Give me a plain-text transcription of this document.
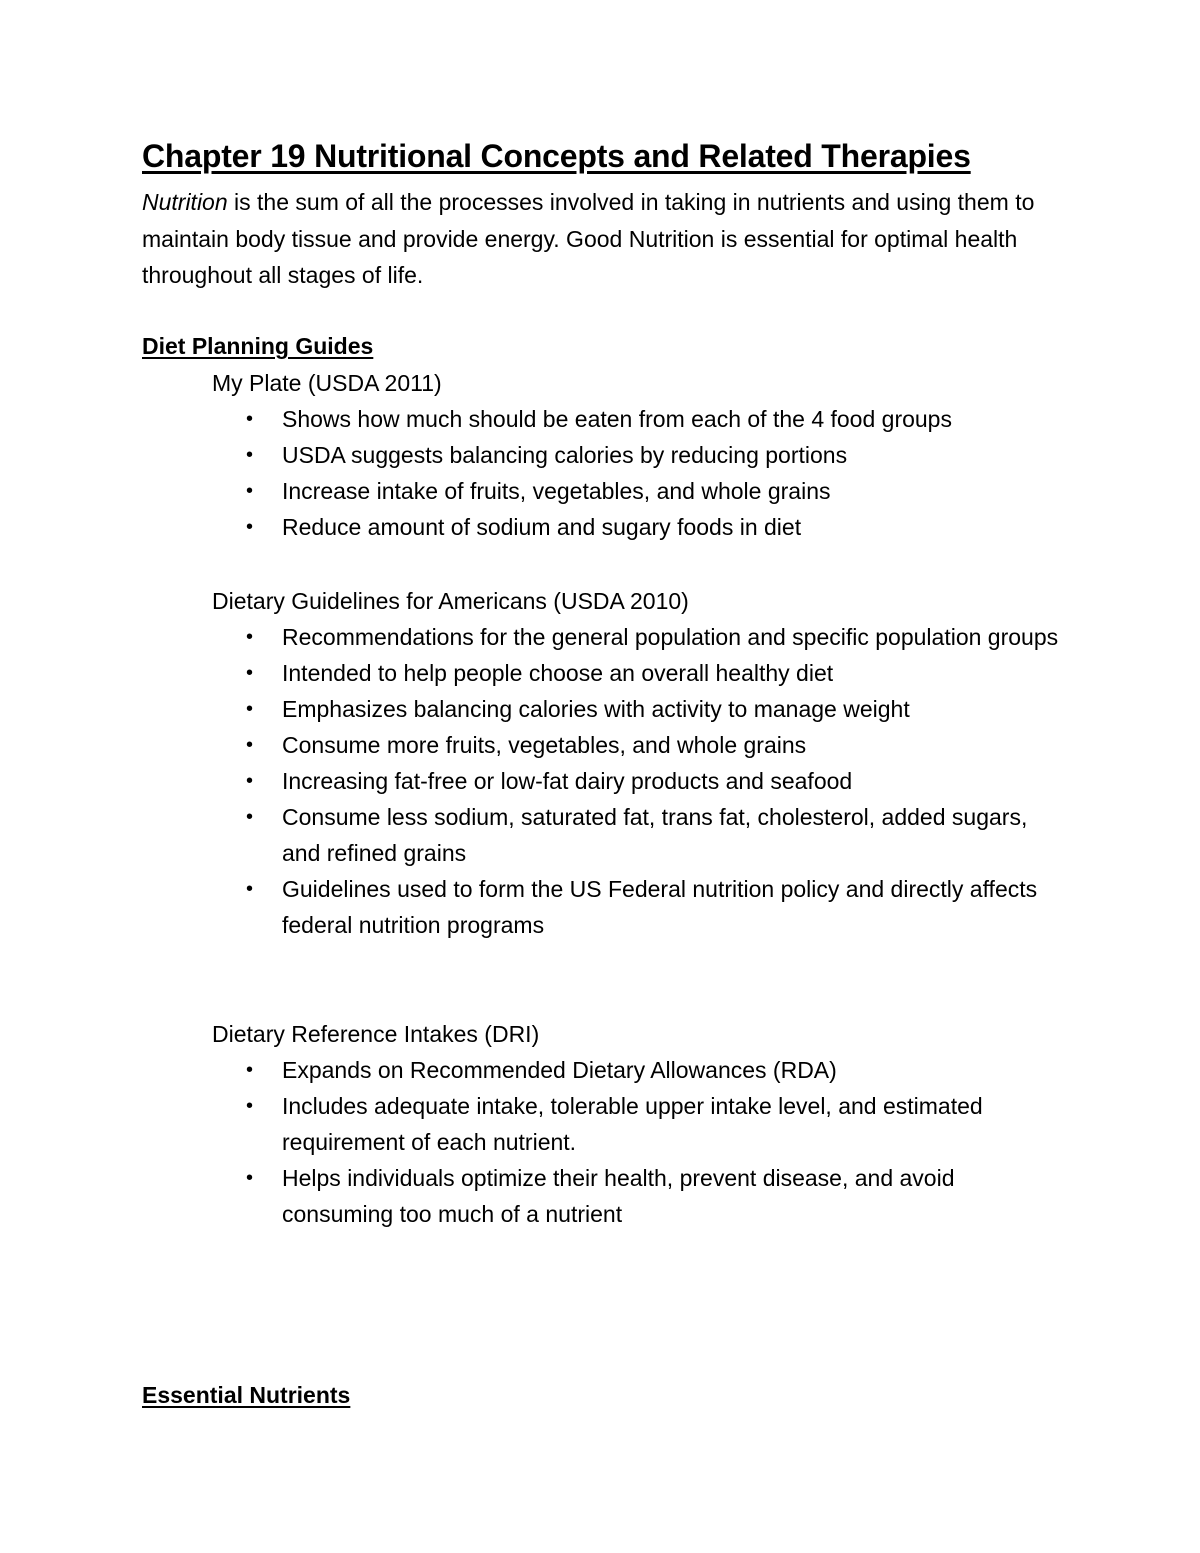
Chapter 19 Nutritional Concepts and Related Therapies

Nutrition is the sum of all the processes involved in taking in nutrients and using them to maintain body tissue and provide energy. Good Nutrition is essential for optimal health throughout all stages of life.

Diet Planning Guides

My Plate (USDA 2011)

• Shows how much should be eaten from each of the 4 food groups
• USDA suggests balancing calories by reducing portions
• Increase intake of fruits, vegetables, and whole grains
• Reduce amount of sodium and sugary foods in diet

Dietary Guidelines for Americans (USDA 2010)

• Recommendations for the general population and specific population groups
• Intended to help people choose an overall healthy diet
• Emphasizes balancing calories with activity to manage weight
• Consume more fruits, vegetables, and whole grains
• Increasing fat-free or low-fat dairy products and seafood
• Consume less sodium, saturated fat, trans fat, cholesterol, added sugars, and refined grains
• Guidelines used to form the US Federal nutrition policy and directly affects federal nutrition programs

Dietary Reference Intakes (DRI)

• Expands on Recommended Dietary Allowances (RDA)
• Includes adequate intake, tolerable upper intake level, and estimated requirement of each nutrient.
• Helps individuals optimize their health, prevent disease, and avoid consuming too much of a nutrient
Essential Nutrients
